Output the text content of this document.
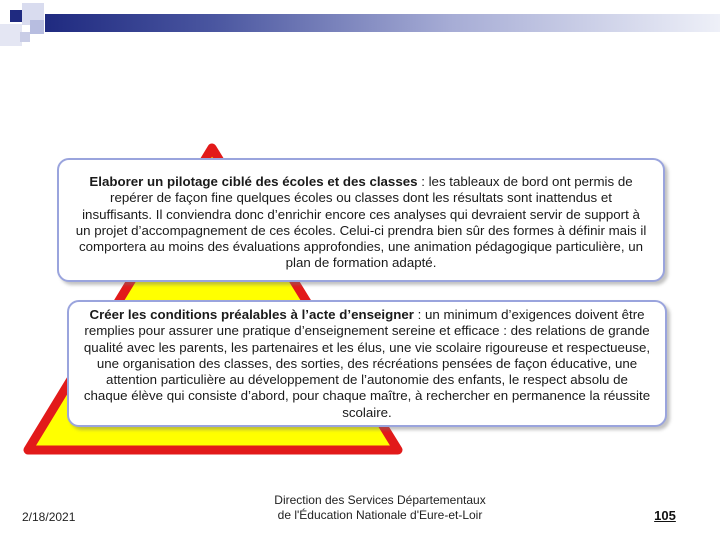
Elaborer un pilotage ciblé des écoles et des classes : les tableaux de bord ont permis de repérer de façon fine quelques écoles ou classes dont les résultats sont inattendus et insuffisants. Il conviendra donc d’enrichir encore ces analyses qui devraient servir de support à un projet d’accompagnement de ces écoles. Celui-ci prendra bien sûr des formes à définir mais il comportera au moins des évaluations approfondies, une animation pédagogique particulière, un plan de formation adapté.
Créer les conditions préalables à l’acte d’enseigner : un minimum d’exigences doivent être remplies pour assurer une pratique d’enseignement sereine et efficace : des relations de grande qualité avec les parents, les partenaires et les élus, une vie scolaire rigoureuse et respectueuse, une organisation des classes, des sorties, des récréations pensées de façon éducative, une attention particulière au développement de l’autonomie des enfants, le respect absolu de chaque élève qui consiste d’abord, pour chaque maître, à rechercher en permanence la réussite scolaire.
2/18/2021
Direction des Services Départementaux
de l'Éducation Nationale d'Eure-et-Loir	105
